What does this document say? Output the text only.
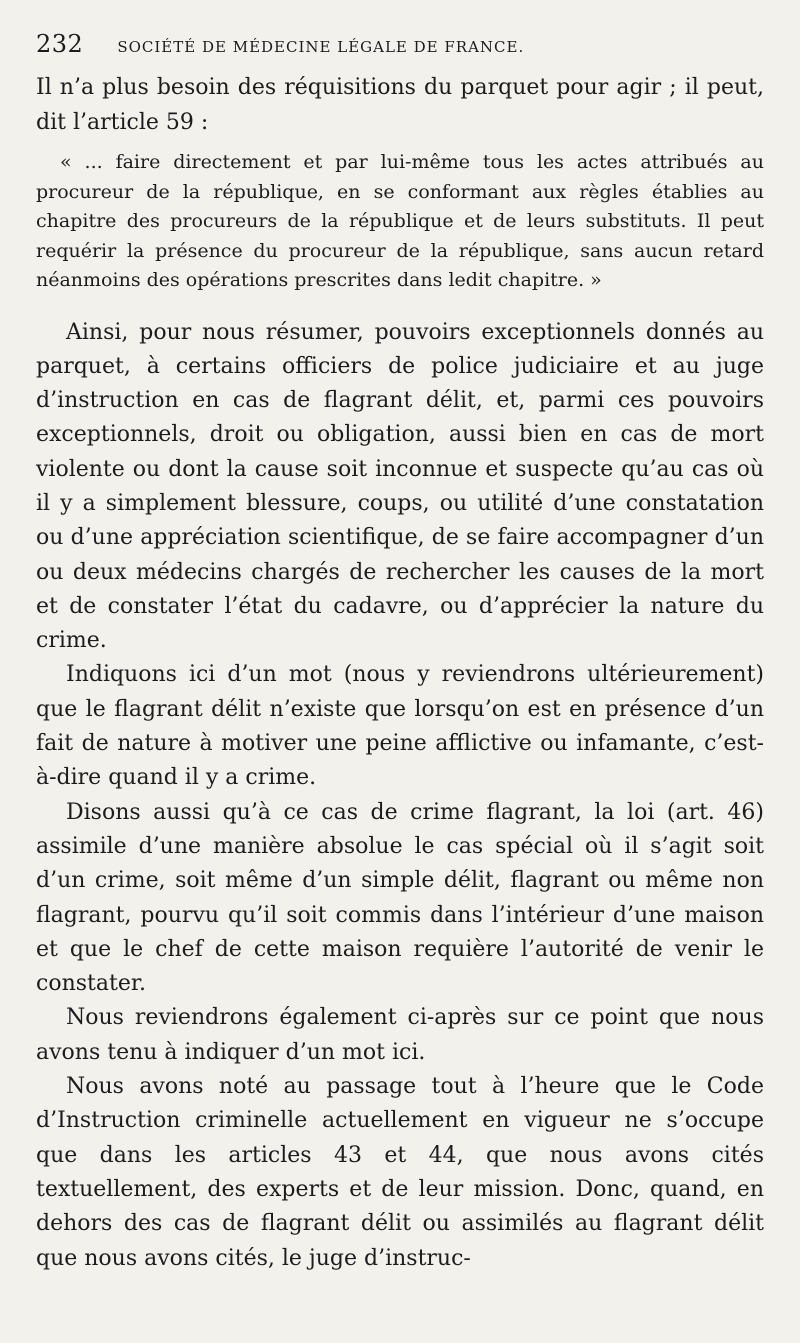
232 SOCIÉTÉ DE MÉDECINE LÉGALE DE FRANCE.

Il n’a plus besoin des réquisitions du parquet pour agir ; il peut, dit l’article 59 :

« ... faire directement et par lui-même tous les actes attribués au procureur de la république, en se conformant aux règles établies au chapitre des procureurs de la république et de leurs substituts. Il peut requérir la présence du procureur de la république, sans aucun retard néanmoins des opérations prescrites dans ledit chapitre. »

Ainsi, pour nous résumer, pouvoirs exceptionnels donnés au parquet, à certains officiers de police judiciaire et au juge d’instruction en cas de flagrant délit, et, parmi ces pouvoirs exceptionnels, droit ou obligation, aussi bien en cas de mort violente ou dont la cause soit inconnue et suspecte qu’au cas où il y a simplement blessure, coups, ou utilité d’une constatation ou d’une appréciation scientifique, de se faire accompagner d’un ou deux médecins chargés de rechercher les causes de la mort et de constater l’état du cadavre, ou d’apprécier la nature du crime.

Indiquons ici d’un mot (nous y reviendrons ultérieurement) que le flagrant délit n’existe que lorsqu’on est en présence d’un fait de nature à motiver une peine afflictive ou infamante, c’est-à-dire quand il y a crime.

Disons aussi qu’à ce cas de crime flagrant, la loi (art. 46) assimile d’une manière absolue le cas spécial où il s’agit soit d’un crime, soit même d’un simple délit, flagrant ou même non flagrant, pourvu qu’il soit commis dans l’intérieur d’une maison et que le chef de cette maison requière l’autorité de venir le constater.

Nous reviendrons également ci-après sur ce point que nous avons tenu à indiquer d’un mot ici.

Nous avons noté au passage tout à l’heure que le Code d’Instruction criminelle actuellement en vigueur ne s’occupe que dans les articles 43 et 44, que nous avons cités textuellement, des experts et de leur mission. Donc, quand, en dehors des cas de flagrant délit ou assimilés au flagrant délit que nous avons cités, le juge d’instruc-
